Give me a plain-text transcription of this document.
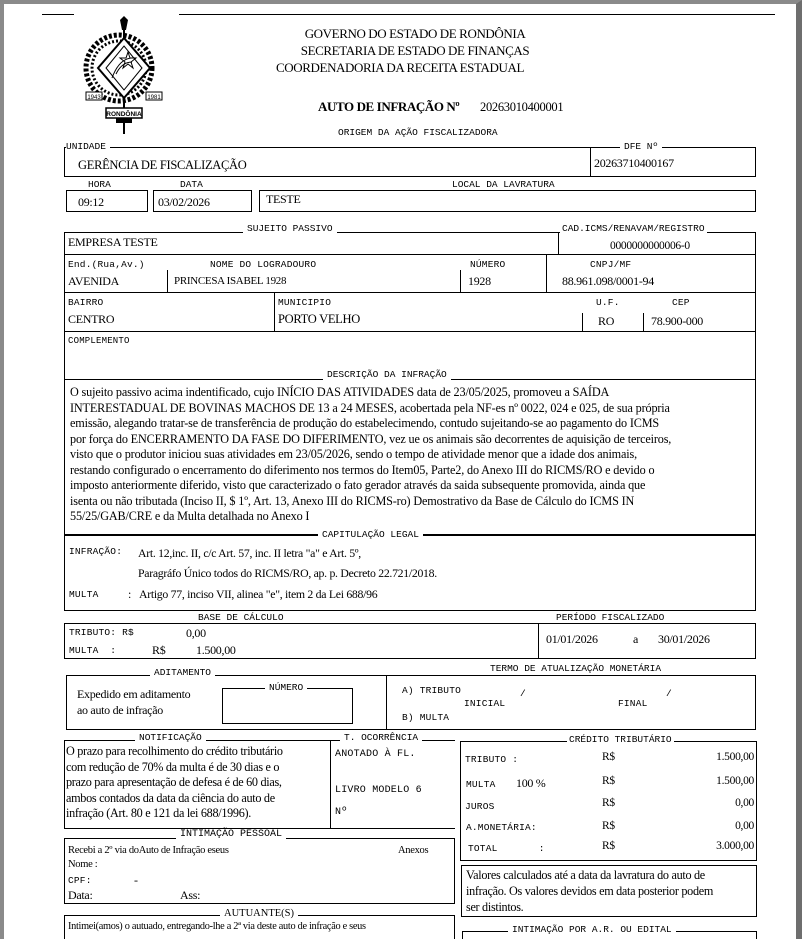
1943	1981
RONDÔNIA
GOVERNO DO ESTADO DE RONDÔNIA
SECRETARIA DE ESTADO DE FINANÇAS
COORDENADORIA DA RECEITA ESTADUAL
AUTO DE INFRAÇÃO Nº 20263010400001
ORIGEM DA AÇÃO FISCALIZADORA
UNIDADE
GERÊNCIA DE FISCALIZAÇÃO
DFE Nº
20263710400167
HORA
09:12
DATA
03/02/2026
LOCAL DA LAVRATURA
TESTE
SUJEITO PASSIVO
EMPRESA TESTE
CAD.ICMS/RENAVAM/REGISTRO
0000000000006-0
End.(Rua,Av.)	NOME DO LOGRADOURO	NÚMERO	CNPJ/MF
AVENIDA	PRINCESA ISABEL 1928	1928	88.961.098/0001-94
BAIRRO	MUNICIPIO	U.F.	CEP
CENTRO	PORTO VELHO	RO	78.900-000
COMPLEMENTO
DESCRIÇÃO DA INFRAÇÃO
O sujeito passivo acima indentificado, cujo INÍCIO DAS ATIVIDADES data de 23/05/2025, promoveu a SAÍDA
INTERESTADUAL DE BOVINAS MACHOS DE 13 a 24 MESES, acobertada pela NF-es nº 0022, 024 e 025, de sua própria
emissão, alegando tratar-se de transferência de produção do estabelecimendo, contudo sujeitando-se ao pagamento do ICMS
por força do ENCERRAMENTO DA FASE DO DIFERIMENTO, vez ue os animais são decorrentes de aquisição de terceiros,
visto que o produtor iniciou suas atividades em 23/05/2026, sendo o tempo de atividade menor que a idade dos animais,
restando configurado o encerramento do diferimento nos termos do Item05, Parte2, do Anexo III do RICMS/RO e devido o
imposto anteriormente diferido, visto que caracterizado o fato gerador através da saida subsequente promovida, ainda que
isenta ou não tributada (Inciso II, $ 1º, Art. 13, Anexo III do RICMS-ro) Demostrativo da Base de Cálculo do ICMS IN
55/25/GAB/CRE e da Multa detalhada no Anexo I
CAPITULAÇÃO LEGAL
INFRAÇÃO: Art. 12,inc. II, c/c Art. 57, inc. II letra "a" e Art. 5º,
Paragráfo Único todos do RICMS/RO, ap. p. Decreto 22.721/2018.
MULTA : Artigo 77, inciso VII, alinea "e", item 2 da Lei 688/96
BASE DE CÁLCULO
TRIBUTO: R$	0,00
MULTA  :	R$	1.500,00
PERÍODO FISCALIZADO
01/01/2026	a 30/01/2026
ADITAMENTO
Expedido em aditamento
ao auto de infração
NÚMERO
TERMO DE ATUALIZAÇÃO MONETÁRIA
A) TRIBUTO
INICIAL	FINAL
/	/
B) MULTA
NOTIFICAÇÃO
O prazo para recolhimento do crédito tributário
com redução de 70% da multa é de 30 dias e o
prazo para apresentação de defesa é de 60 dias,
ambos contados da data da ciência do auto de
infração (Art. 80 e 121 da lei 688/1996).
T. OCORRÊNCIA
ANOTADO À FL.
LIVRO MODELO 6
Nº
CRÉDITO TRIBUTÁRIO
TRIBUTO :	R$	1.500,00
MULTA 100 %	R$	1.500,00
JUROS	R$	0,00
A.MONETÁRIA:	R$	0,00
TOTAL       :	R$	3.000,00
Valores calculados até a data da lavratura do auto de
infração. Os valores devidos em data posterior podem
ser distintos.
INTIMAÇÃO PESSOAL
Recebi a 2º via doAuto de Infração eseus	Anexos
Nome :
CPF:	-
Data:	Ass:
AUTUANTE(S)
Intimei(amos) o autuado, entregando-lhe a 2ª via deste auto de infração e seus	INTIMAÇÃO POR A.R. OU EDITAL
